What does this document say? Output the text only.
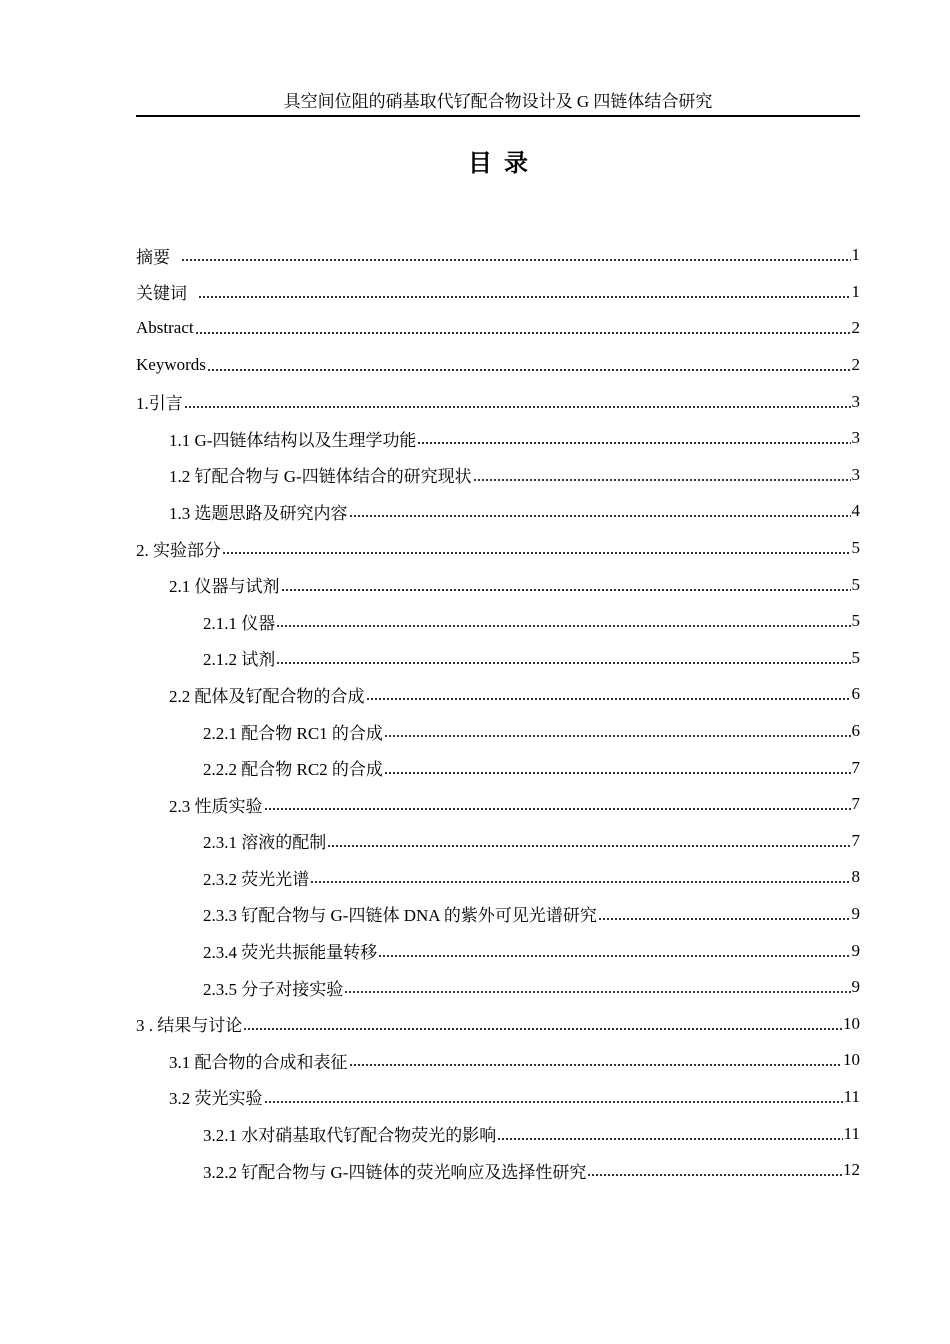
具空间位阻的硝基取代钌配合物设计及 G 四链体结合研究
目  录
摘要	1
关键词	1
Abstract	2
Keywords	2
1.引言	3
1.1 G-四链体结构以及生理学功能	3
1.2 钌配合物与 G-四链体结合的研究现状	3
1.3 选题思路及研究内容	4
2. 实验部分	5
2.1 仪器与试剂	5
2.1.1 仪器	5
2.1.2 试剂	5
2.2 配体及钌配合物的合成	6
2.2.1 配合物 RC1 的合成	6
2.2.2 配合物 RC2 的合成	7
2.3 性质实验	7
2.3.1 溶液的配制	7
2.3.2 荧光光谱	8
2.3.3 钌配合物与 G-四链体 DNA 的紫外可见光谱研究	9
2.3.4 荧光共振能量转移	9
2.3.5 分子对接实验	9
3 . 结果与讨论	10
3.1 配合物的合成和表征	10
3.2 荧光实验	11
3.2.1 水对硝基取代钌配合物荧光的影响	11
3.2.2 钌配合物与 G-四链体的荧光响应及选择性研究	12
